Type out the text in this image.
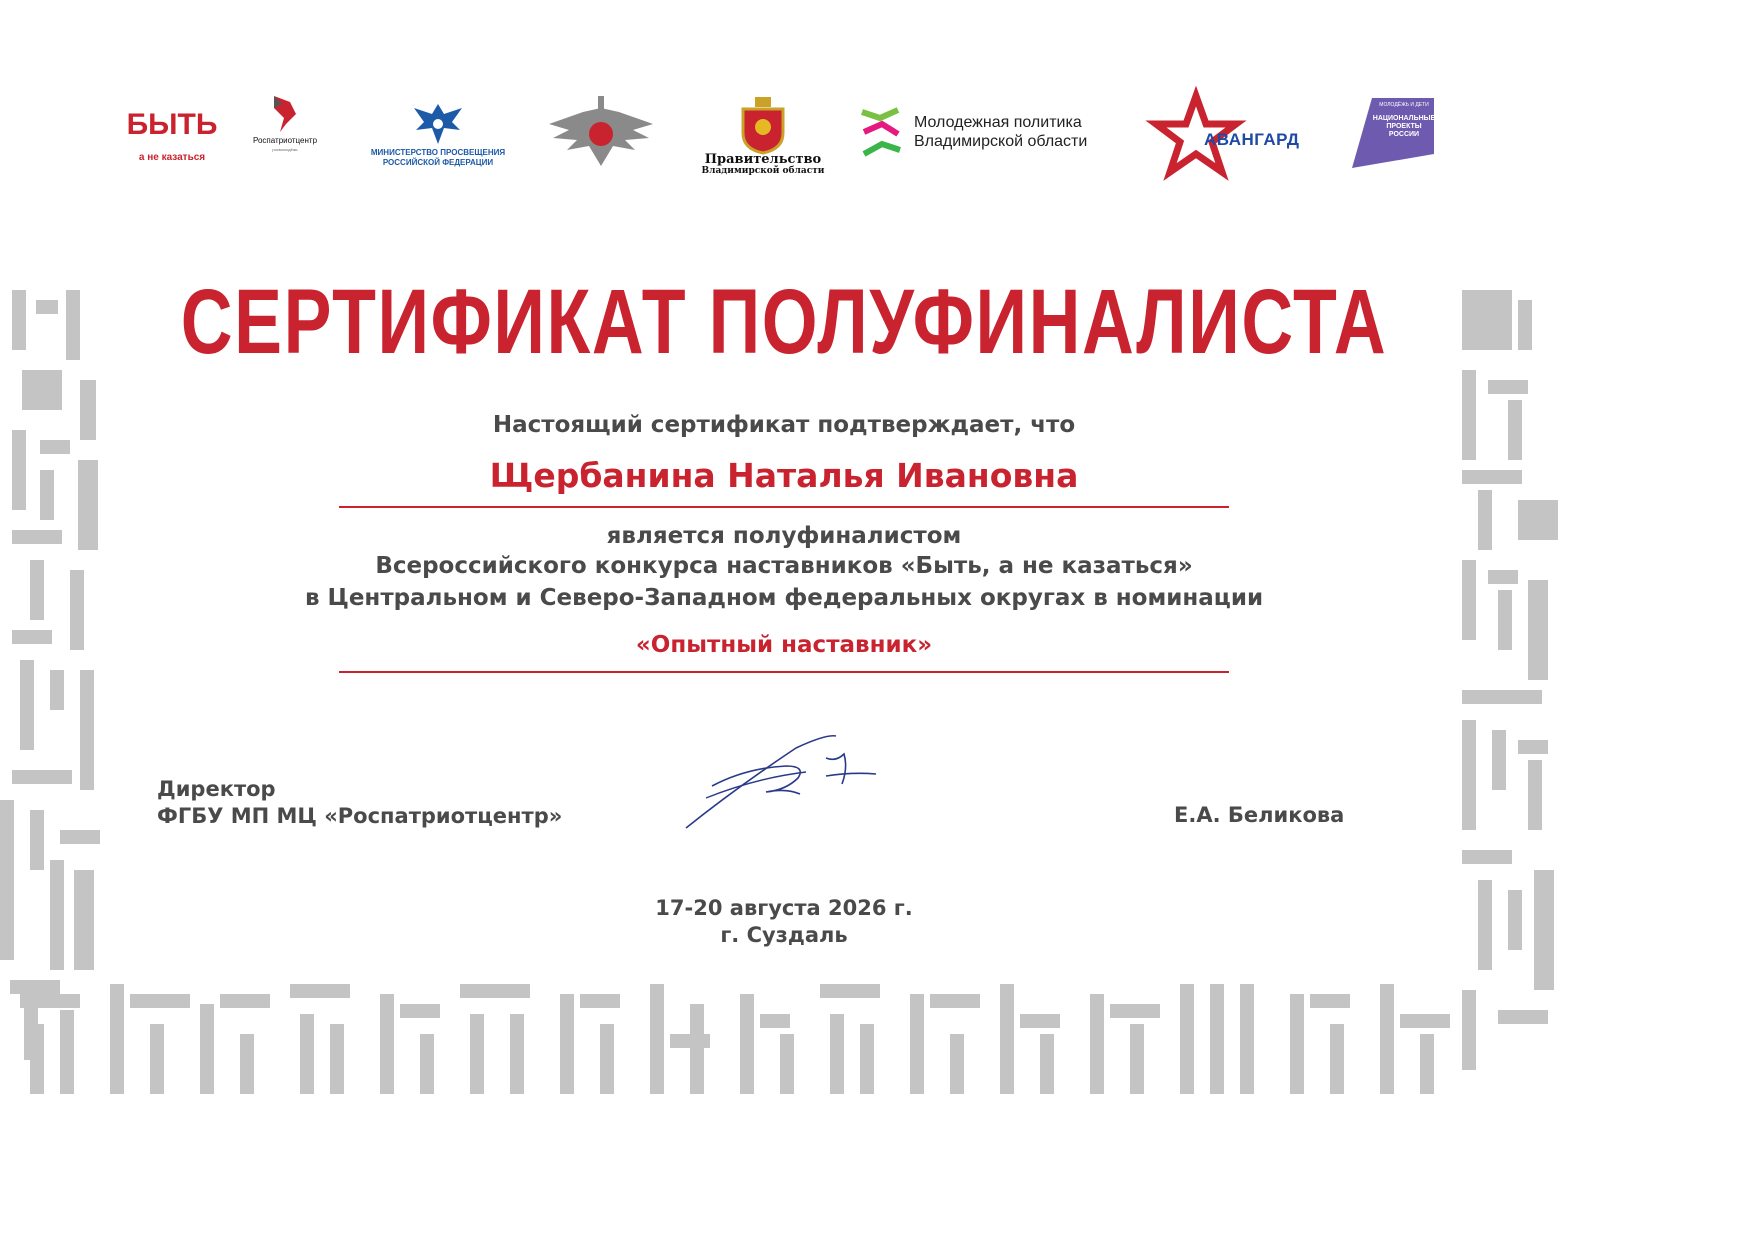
БЫТЬ
а не казаться
Роспатриотцентр
росмолодёжь	МИНИСТЕРСТВО ПРОСВЕЩЕНИЯ
РОССИЙСКОЙ ФЕДЕРАЦИИ	Правительство
Владимирской области
Молодежная политика
Владимирской области	АВАНГАРД
МОЛОДЁЖЬ И ДЕТИ
НАЦИОНАЛЬНЫЕ
ПРОЕКТЫ
РОССИИ
СЕРТИФИКАТ ПОЛУФИНАЛИСТА
Настоящий сертификат подтверждает, что
Щербанина Наталья Ивановна
является полуфиналистом
Всероссийского конкурса наставников «Быть, а не казаться»
в Центральном и Северо-Западном федеральных округах в номинации
«Опытный наставник»
Директор
ФГБУ МП МЦ «Роспатриотцентр»	Е.А. Беликова
17-20 августа 2026 г.
г. Суздаль
